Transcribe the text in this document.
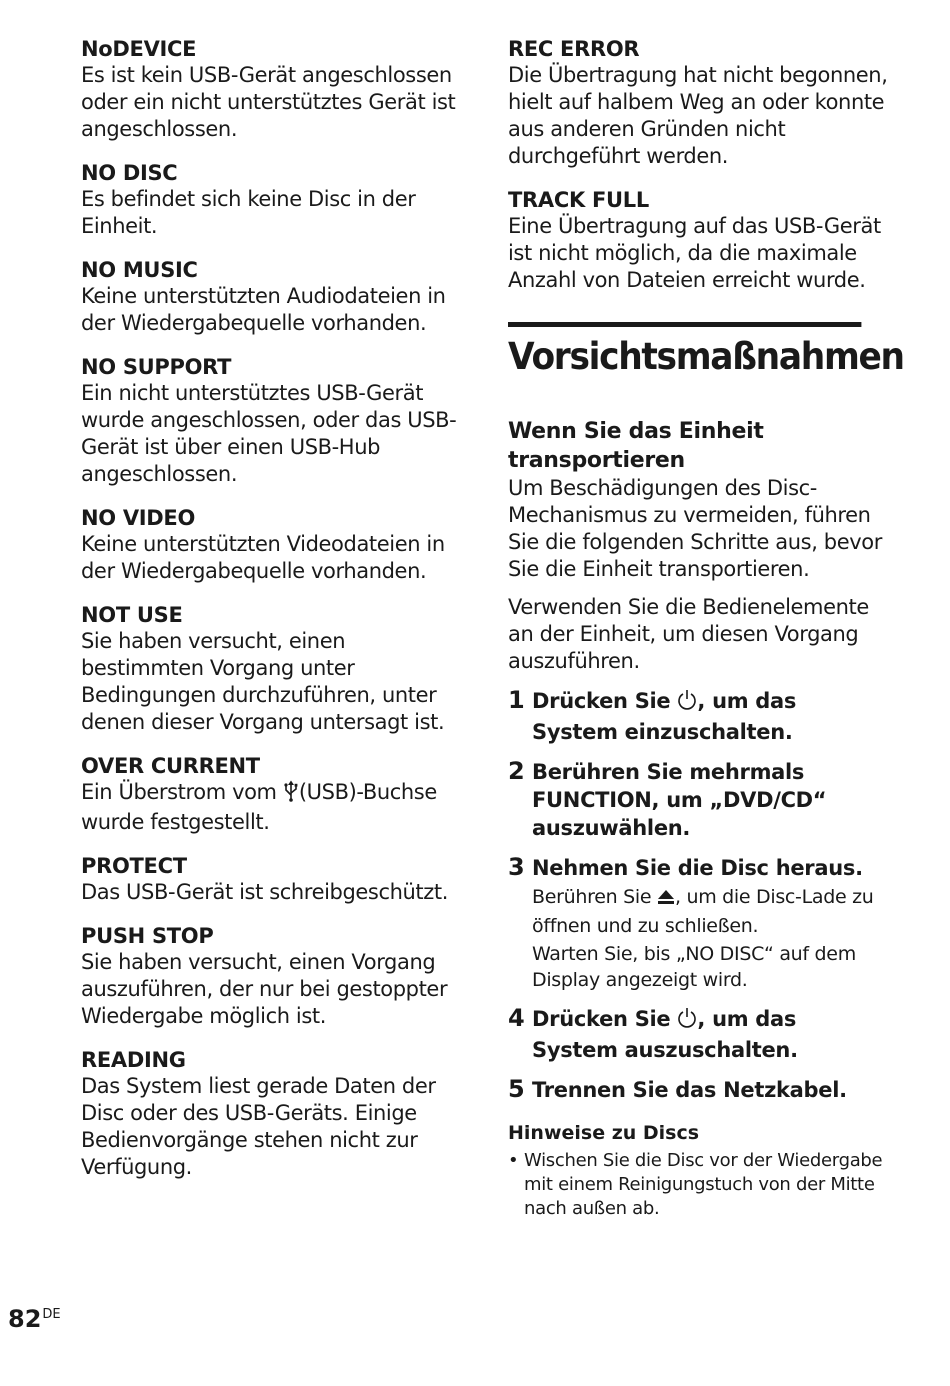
NoDEVICE
Es ist kein USB-Gerät angeschlossen oder ein nicht unterstütztes Gerät ist angeschlossen.
NO DISC
Es befindet sich keine Disc in der Einheit.
NO MUSIC
Keine unterstützten Audiodateien in der Wiedergabequelle vorhanden.
NO SUPPORT
Ein nicht unterstütztes USB-Gerät wurde angeschlossen, oder das USB-Gerät ist über einen USB-Hub angeschlossen.
NO VIDEO
Keine unterstützten Videodateien in der Wiedergabequelle vorhanden.
NOT USE
Sie haben versucht, einen bestimmten Vorgang unter Bedingungen durchzuführen, unter denen dieser Vorgang untersagt ist.
OVER CURRENT
Ein Überstrom vom (USB)-Buchse wurde festgestellt.
PROTECT
Das USB-Gerät ist schreibgeschützt.
PUSH STOP
Sie haben versucht, einen Vorgang auszuführen, der nur bei gestoppter Wiedergabe möglich ist.
READING
Das System liest gerade Daten der Disc oder des USB-Geräts. Einige Bedienvorgänge stehen nicht zur Verfügung.
REC ERROR
Die Übertragung hat nicht begonnen, hielt auf halbem Weg an oder konnte aus anderen Gründen nicht durchgeführt werden.
TRACK FULL
Eine Übertragung auf das USB-Gerät ist nicht möglich, da die maximale Anzahl von Dateien erreicht wurde.
Vorsichtsmaßnahmen
Wenn Sie das Einheit transportieren
Um Beschädigungen des Disc-Mechanismus zu vermeiden, führen Sie die folgenden Schritte aus, bevor Sie die Einheit transportieren.
Verwenden Sie die Bedienelemente an der Einheit, um diesen Vorgang auszuführen.
1 Drücken Sie , um das System einzuschalten.
2 Berühren Sie mehrmals FUNCTION, um „DVD/CD“ auszuwählen.
3 Nehmen Sie die Disc heraus.
Berühren Sie , um die Disc-Lade zu öffnen und zu schließen.
Warten Sie, bis „NO DISC“ auf dem Display angezeigt wird.
4 Drücken Sie , um das System auszuschalten.
5 Trennen Sie das Netzkabel.
Hinweise zu Discs
• Wischen Sie die Disc vor der Wiedergabe mit einem Reinigungstuch von der Mitte nach außen ab.
82DE
